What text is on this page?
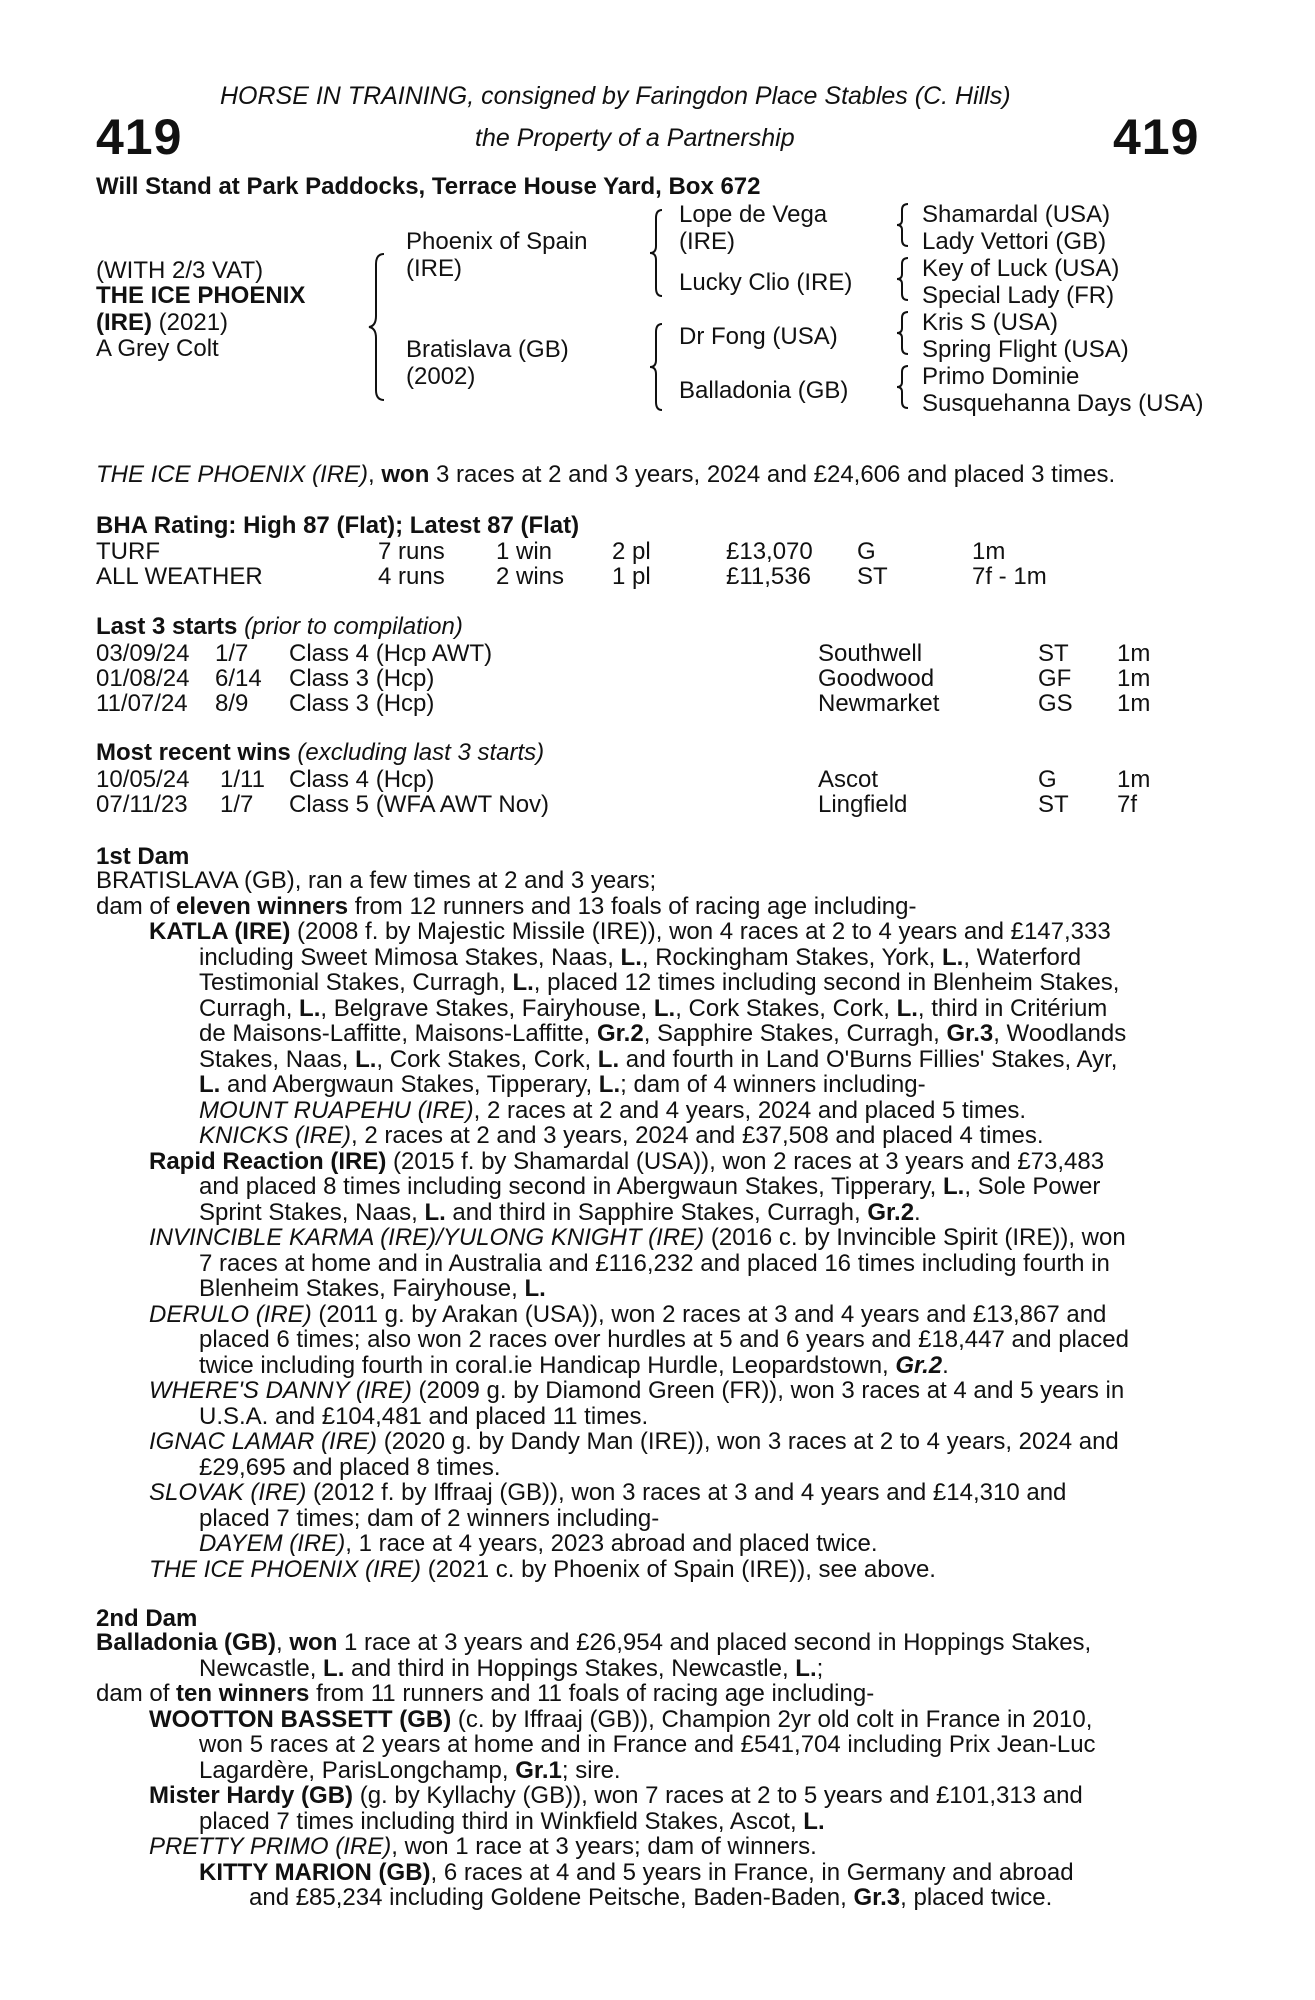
419	419
HORSE IN TRAINING, consigned by Faringdon Place Stables (C. Hills)
the Property of a Partnership
Will Stand at Park Paddocks, Terrace House Yard, Box 672
(WITH 2/3 VAT)
THE ICE PHOENIX
(IRE) (2021)
A Grey Colt
Phoenix of Spain
(IRE)
Bratislava (GB)
(2002)
Lope de Vega
(IRE)
Lucky Clio (IRE)
Dr Fong (USA)
Balladonia (GB)
Shamardal (USA)
Lady Vettori (GB)
Key of Luck (USA)
Special Lady (FR)
Kris S (USA)
Spring Flight (USA)
Primo Dominie
Susquehanna Days (USA)
THE ICE PHOENIX (IRE), won 3 races at 2 and 3 years, 2024 and £24,606 and placed 3 times.
BHA Rating: High 87 (Flat); Latest 87 (Flat)
TURF	7 runs 1 win 2 pl	£13,070 G	1m
ALL WEATHER	4 runs 2 wins 1 pl	£11,536 ST	7f - 1m
Last 3 starts (prior to compilation)
03/09/24 1/7 Class 4 (Hcp AWT)	Southwell	ST 1m
01/08/24 6/14 Class 3 (Hcp)	Goodwood	GF 1m
11/07/24 8/9 Class 3 (Hcp)	Newmarket	GS 1m
Most recent wins (excluding last 3 starts)
10/05/24 1/11 Class 4 (Hcp)	Ascot	G	1m
07/11/23 1/7 Class 5 (WFA AWT Nov)	Lingfield	ST 7f
1st Dam
BRATISLAVA (GB), ran a few times at 2 and 3 years;
dam of eleven winners from 12 runners and 13 foals of racing age including-
KATLA (IRE) (2008 f. by Majestic Missile (IRE)), won 4 races at 2 to 4 years and £147,333
including Sweet Mimosa Stakes, Naas, L., Rockingham Stakes, York, L., Waterford
Testimonial Stakes, Curragh, L., placed 12 times including second in Blenheim Stakes,
Curragh, L., Belgrave Stakes, Fairyhouse, L., Cork Stakes, Cork, L., third in Critérium
de Maisons-Laffitte, Maisons-Laffitte, Gr.2, Sapphire Stakes, Curragh, Gr.3, Woodlands
Stakes, Naas, L., Cork Stakes, Cork, L. and fourth in Land O'Burns Fillies' Stakes, Ayr,
L. and Abergwaun Stakes, Tipperary, L.; dam of 4 winners including-
MOUNT RUAPEHU (IRE), 2 races at 2 and 4 years, 2024 and placed 5 times.
KNICKS (IRE), 2 races at 2 and 3 years, 2024 and £37,508 and placed 4 times.
Rapid Reaction (IRE) (2015 f. by Shamardal (USA)), won 2 races at 3 years and £73,483
and placed 8 times including second in Abergwaun Stakes, Tipperary, L., Sole Power
Sprint Stakes, Naas, L. and third in Sapphire Stakes, Curragh, Gr.2.
INVINCIBLE KARMA (IRE)/YULONG KNIGHT (IRE) (2016 c. by Invincible Spirit (IRE)), won
7 races at home and in Australia and £116,232 and placed 16 times including fourth in
Blenheim Stakes, Fairyhouse, L.
DERULO (IRE) (2011 g. by Arakan (USA)), won 2 races at 3 and 4 years and £13,867 and
placed 6 times; also won 2 races over hurdles at 5 and 6 years and £18,447 and placed
twice including fourth in coral.ie Handicap Hurdle, Leopardstown, Gr.2.
WHERE'S DANNY (IRE) (2009 g. by Diamond Green (FR)), won 3 races at 4 and 5 years in
U.S.A. and £104,481 and placed 11 times.
IGNAC LAMAR (IRE) (2020 g. by Dandy Man (IRE)), won 3 races at 2 to 4 years, 2024 and
£29,695 and placed 8 times.
SLOVAK (IRE) (2012 f. by Iffraaj (GB)), won 3 races at 3 and 4 years and £14,310 and
placed 7 times; dam of 2 winners including-
DAYEM (IRE), 1 race at 4 years, 2023 abroad and placed twice.
THE ICE PHOENIX (IRE) (2021 c. by Phoenix of Spain (IRE)), see above.
2nd Dam
Balladonia (GB), won 1 race at 3 years and £26,954 and placed second in Hoppings Stakes,
Newcastle, L. and third in Hoppings Stakes, Newcastle, L.;
dam of ten winners from 11 runners and 11 foals of racing age including-
WOOTTON BASSETT (GB) (c. by Iffraaj (GB)), Champion 2yr old colt in France in 2010,
won 5 races at 2 years at home and in France and £541,704 including Prix Jean-Luc
Lagardère, ParisLongchamp, Gr.1; sire.
Mister Hardy (GB) (g. by Kyllachy (GB)), won 7 races at 2 to 5 years and £101,313 and
placed 7 times including third in Winkfield Stakes, Ascot, L.
PRETTY PRIMO (IRE), won 1 race at 3 years; dam of winners.
KITTY MARION (GB), 6 races at 4 and 5 years in France, in Germany and abroad
and £85,234 including Goldene Peitsche, Baden-Baden, Gr.3, placed twice.
